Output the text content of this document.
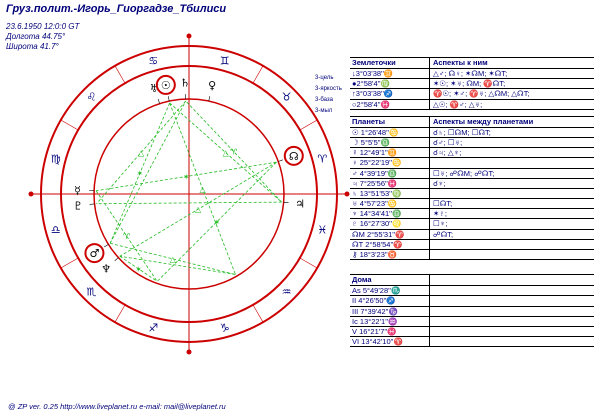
Груз.полит.-Игорь_Гиоргадзе_Тбилиси
23.6.1950 12:0:0 GT
Долгота 44.75°
Широта 41.7°
♈
♉
♊
♋
♌
♍
♎
♏
♐	♑
♒
♓
♅ ☉ ♄ ♀
☊
♃
☿
♇
♂
♆
✶
△
△
✶
♈
△
✶
△
♈
△
✶
3-цель
3-яркость
3-база
3-мыл
Землеточки	Аспекты к ним
↓3°03'38''♊	△♂; ☊♀; ✶☊M; ✶☊T;
●2°58'4''♍	✶☉; ✶♅; ☊M; ♈☊T;
↑3°03'38''♐	♈☉; ✶♂; ♈♅; △☊M; △☊T;
○2°58'4''♓	△☉; ♈♂; △♅;
Планеты	Аспекты между планетами
☉ 1°26'48''♋	☌♄; ☐☊M; ☐☊T;
☽ 5°5'5''♎	☌♂; ☐♅;
☿ 12°49'1''♊	☌♃; △♆;
♀ 25°22'19''♋
♂ 4°39'19''♎	☐♅; ☍☊M; ☍☊T;
♃ 7°25'56''♓	☌♆;
♄ 13°51'53''♍
♅ 4°57'23''♋	☐☊T;
♆ 14°34'41''♎	✶♇;
♇ 16°27'30''♌	☐♆;
☊M 2°55'31''♈	☍☊T;
☊T 2°58'54''♈
⚷ 18°3'23''♉
Дома
As 5°49'28''♏
II 4°26'50''♐
III 7°39'42''♑
Ic 13°22'1''♒
V 16°21'7''♓
VI 13°42'10''♈
@ ZP ver. 0.25 http://www.liveplanet.ru e-mail: mail@liveplanet.ru
